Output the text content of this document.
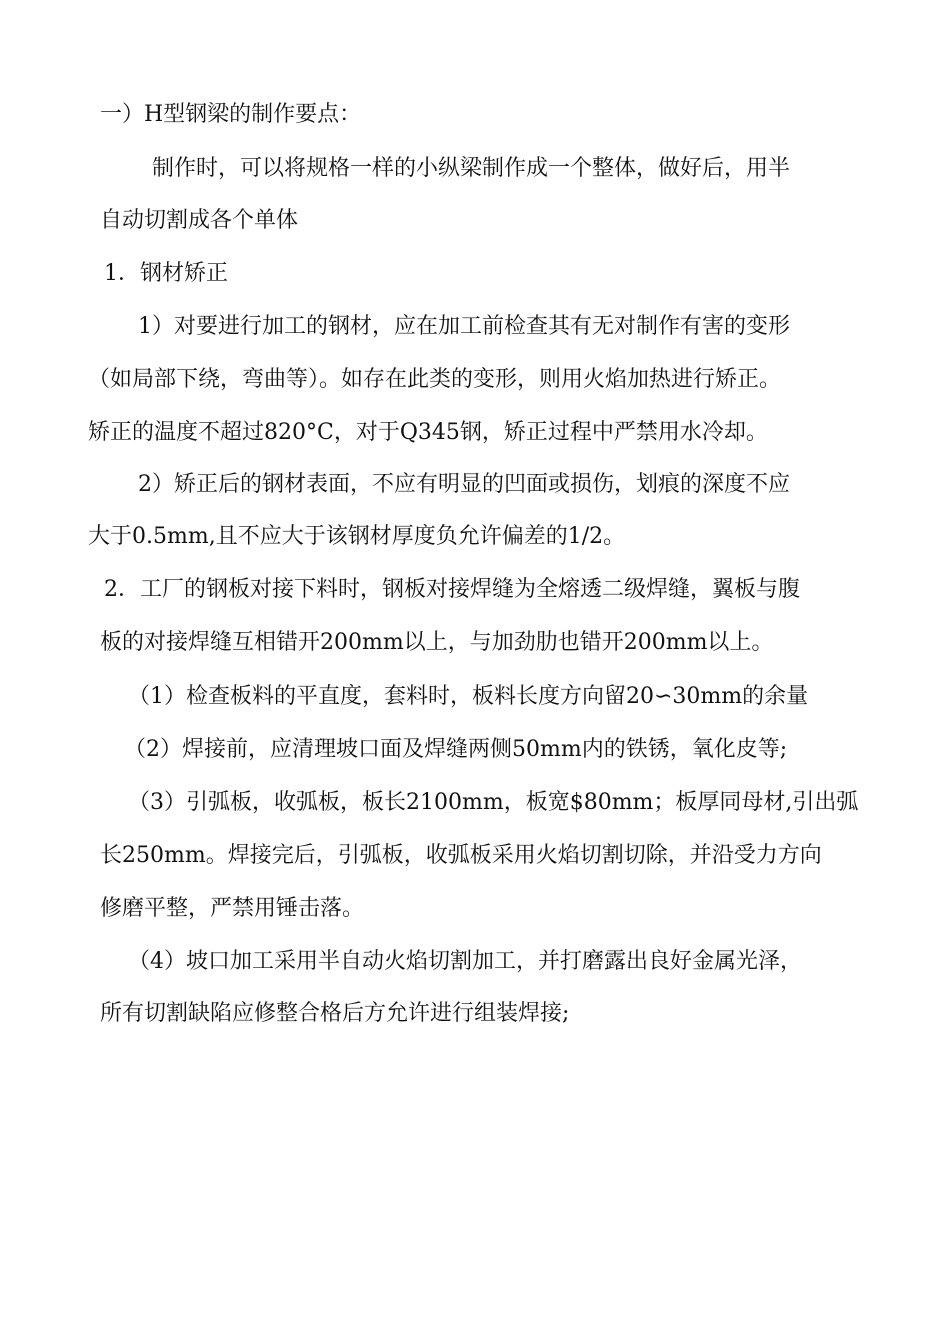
一）H型钢梁的制作要点：
制作时，可以将规格一样的小纵梁制作成一个整体，做好后，用半
自动切割成各个单体
1．钢材矫正
1）对要进行加工的钢材，应在加工前检查其有无对制作有害的变形
（如局部下绕，弯曲等）。如存在此类的变形，则用火焰加热进行矫正。
矫正的温度不超过820°C，对于Q345钢，矫正过程中严禁用水冷却。
2）矫正后的钢材表面，不应有明显的凹面或损伤，划痕的深度不应
大于0.5mm,且不应大于该钢材厚度负允许偏差的1/2。
2．工厂的钢板对接下料时，钢板对接焊缝为全熔透二级焊缝，翼板与腹
板的对接焊缝互相错开200mm以上，与加劲肋也错开200mm以上。
（1）检查板料的平直度，套料时，板料长度方向留20∽30mm的余量
（2）焊接前，应清理坡口面及焊缝两侧50mm内的铁锈，氧化皮等;
（3）引弧板，收弧板，板长2100mm，板宽$80mm；板厚同母材,引出弧
长250mm。焊接完后，引弧板，收弧板采用火焰切割切除，并沿受力方向
修磨平整，严禁用锤击落。
（4）坡口加工采用半自动火焰切割加工，并打磨露出良好金属光泽，
所有切割缺陷应修整合格后方允许进行组装焊接;
